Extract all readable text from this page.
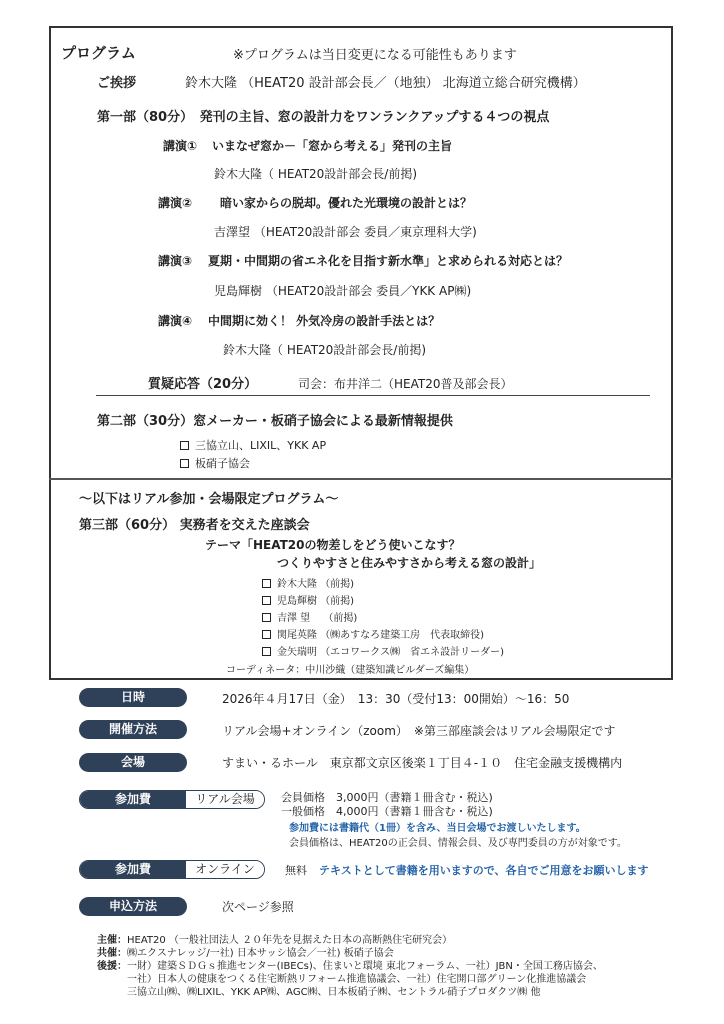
プログラム	※プログラムは当日変更になる可能性もあります
ご挨拶	鈴木大隆 （HEAT20 設計部会長／（地独） 北海道立総合研究機構）
第一部（80分）　発刊の主旨、窓の設計力をワンランクアップする４つの視点
講演① いまなぜ窓か－「窓から考える」発刊の主旨
鈴木大隆（ HEAT20設計部会長/前掲)
講演② 暗い家からの脱却。優れた光環境の設計とは？
吉澤望 （HEAT20設計部会 委員／東京理科大学)
講演③ 夏期・中間期の省エネ化を目指す新水準」と求められる対応とは？
児島輝樹 （HEAT20設計部会 委員／YKK AP㈱)
講演④ 中間期に効く！ 外気冷房の設計手法とは？
鈴木大隆（ HEAT20設計部会長/前掲)
質疑応答（20分）	司会：布井洋二（HEAT20普及部会長）
第二部（30分）窓メーカー・板硝子協会による最新情報提供
三協立山、LIXIL、YKK AP
板硝子協会
～以下はリアル参加・会場限定プログラム～
第三部（60分） 実務者を交えた座談会
テーマ「HEAT20の物差しをどう使いこなす？
つくりやすさと住みやすさから考える窓の設計」
鈴木大隆 （前掲)
児島輝樹 （前掲)
吉澤 望　 （前掲)
関尾英隆 （㈱あすなろ建築工房　代表取締役)
金矢瑞明 （エコワークス㈱　省エネ設計リーダー)
コーディネータ：中川沙織（建築知識ビルダーズ編集）
日時	2026年４月17日（金）　13：30（受付13：00開始）～16：50
開催方法	リアル会場+オンライン（zoom）　※第三部座談会はリアル会場限定です
会場	すまい・るホール　東京都文京区後楽１丁目４-１０　住宅金融支援機構内
参加費	リアル会場	会員価格　3,000円（書籍１冊含む・税込)
一般価格　4,000円（書籍１冊含む・税込)
参加費には書籍代（1冊）を含み、当日会場でお渡しいたします。
会員価格は、HEAT20の正会員、情報会員、及び専門委員の方が対象です。
参加費	オンライン	無料 テキストとして書籍を用いますので、各自でご用意をお願いします
申込方法	次ページ参照
主催：HEAT20 （一般社団法人 ２０年先を見据えた日本の高断熱住宅研究会）
共催：㈱エクスナレッジ/一社) 日本サッシ協会／一社) 板硝子協会
後援：一財）建築ＳＤＧｓ推進センター(IBECs)、住まいと環境 東北フォーラム、一社）JBN・全国工務店協会、
一社）日本人の健康をつくる住宅断熱リフォーム推進協議会、一社）住宅開口部グリーン化推進協議会
三協立山㈱、㈱LIXIL、YKK AP㈱、AGC㈱、日本板硝子㈱、セントラル硝子プロダクツ㈱ 他
